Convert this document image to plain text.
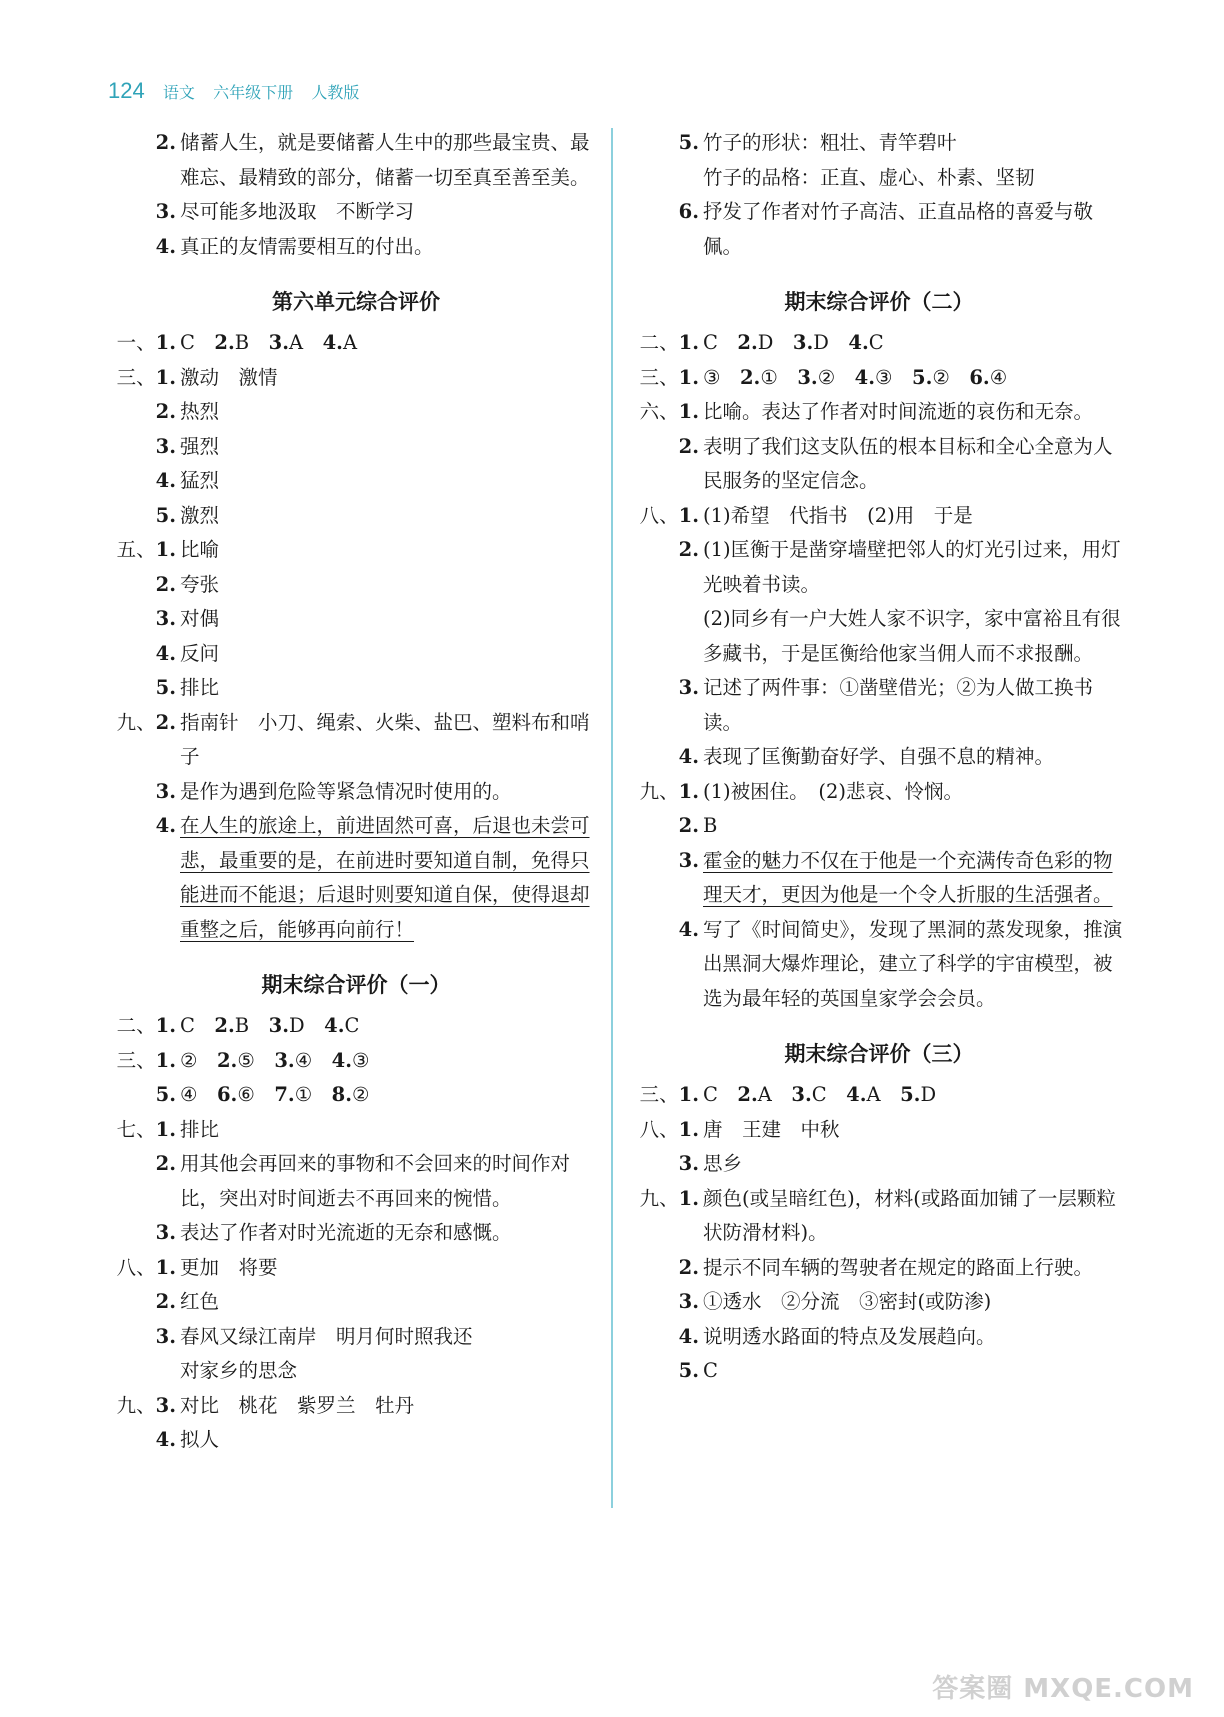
124 语文 六年级下册 人教版
2. 储蓄人生，就是要储蓄人生中的那些最宝贵、最难忘、最精致的部分，储蓄一切至真至善至美。
3. 尽可能多地汲取　不断学习
4. 真正的友情需要相互的付出。
第六单元综合评价
一、1. C　2.B　3.A　4.A
三、1. 激动　激情
2. 热烈
3. 强烈
4. 猛烈
5. 激烈
五、1. 比喻
2. 夸张
3. 对偶
4. 反问
5. 排比
九、2. 指南针　小刀、绳索、火柴、盐巴、塑料布和哨子
3. 是作为遇到危险等紧急情况时使用的。
4. 在人生的旅途上，前进固然可喜，后退也未尝可悲，最重要的是，在前进时要知道自制，免得只能进而不能退；后退时则要知道自保，使得退却重整之后，能够再向前行！
期末综合评价（一）
二、1. C　2.B　3.D　4.C
三、1. ②　2.⑤　3.④　4.③
5. ④　6.⑥　7.①　8.②
七、1. 排比
2. 用其他会再回来的事物和不会回来的时间作对比，突出对时间逝去不再回来的惋惜。
3. 表达了作者对时光流逝的无奈和感慨。
八、1. 更加　将要
2. 红色
3. 春风又绿江南岸　明月何时照我还
对家乡的思念
九、3. 对比　桃花　紫罗兰　牡丹
4. 拟人
5. 竹子的形状：粗壮、青竿碧叶
竹子的品格：正直、虚心、朴素、坚韧
6. 抒发了作者对竹子高洁、正直品格的喜爱与敬佩。
期末综合评价（二）
二、1. C　2.D　3.D　4.C
三、1. ③　2.①　3.②　4.③　5.②　6.④
六、1. 比喻。表达了作者对时间流逝的哀伤和无奈。
2. 表明了我们这支队伍的根本目标和全心全意为人民服务的坚定信念。
八、1. (1)希望　代指书　(2)用　于是
2. (1)匡衡于是凿穿墙壁把邻人的灯光引过来，用灯光映着书读。
(2)同乡有一户大姓人家不识字，家中富裕且有很多藏书，于是匡衡给他家当佣人而不求报酬。
3. 记述了两件事：①凿壁借光；②为人做工换书读。
4. 表现了匡衡勤奋好学、自强不息的精神。
九、1. (1)被困住。　(2)悲哀、怜悯。
2. B
3. 霍金的魅力不仅在于他是一个充满传奇色彩的物理天才，更因为他是一个令人折服的生活强者。
4. 写了《时间简史》，发现了黑洞的蒸发现象，推演出黑洞大爆炸理论，建立了科学的宇宙模型，被选为最年轻的英国皇家学会会员。
期末综合评价（三）
三、1. C　2.A　3.C　4.A　5.D
八、1. 唐　王建　中秋
3. 思乡
九、1. 颜色(或呈暗红色)，材料(或路面加铺了一层颗粒状防滑材料)。
2. 提示不同车辆的驾驶者在规定的路面上行驶。
3. ①透水　②分流　③密封(或防渗)
4. 说明透水路面的特点及发展趋向。
5. C
答案圈 MXQE.COM
